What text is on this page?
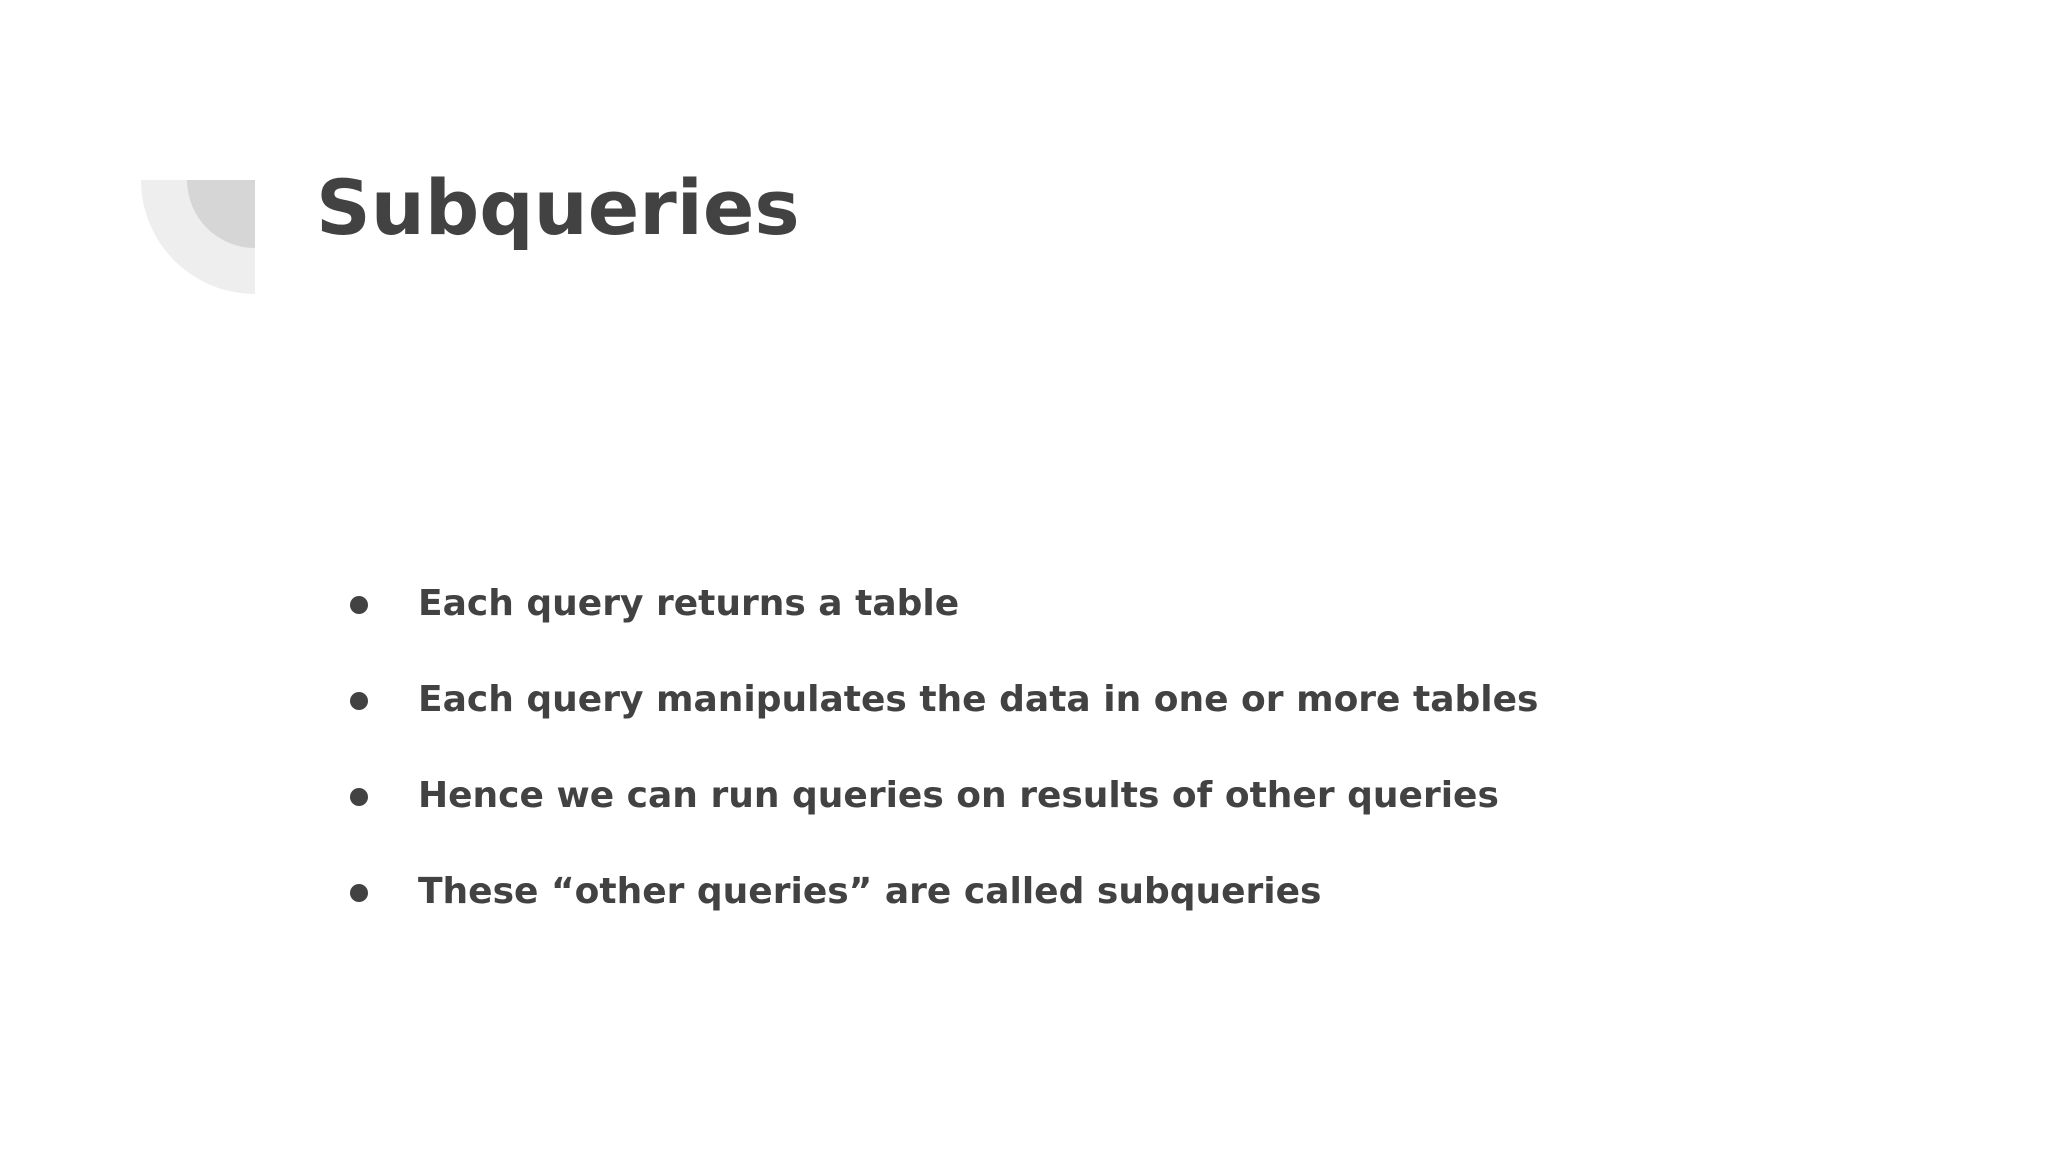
Subqueries
Each query returns a table
Each query manipulates the data in one or more tables
Hence we can run queries on results of other queries
These “other queries” are called subqueries
